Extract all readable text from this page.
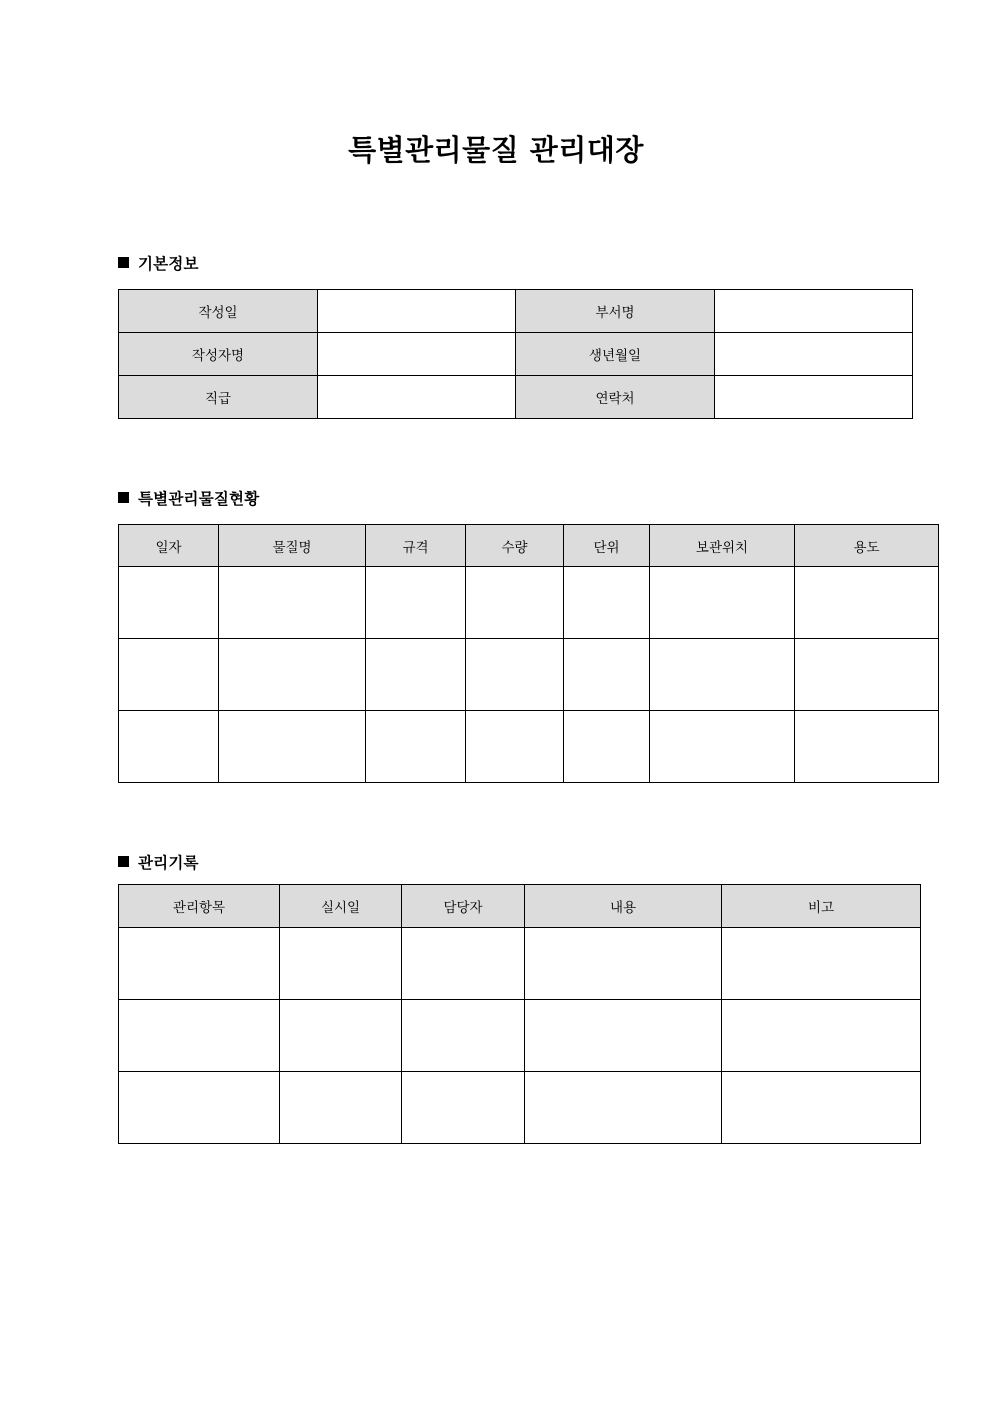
특별관리물질 관리대장
기본정보
작성일		부서명	
작성자명		생년월일	
직급		연락처	
특별관리물질현황
일자	물질명	규격	수량	단위	보관위치	용도

관리기록
관리항목	실시일	담당자	내용	비고
